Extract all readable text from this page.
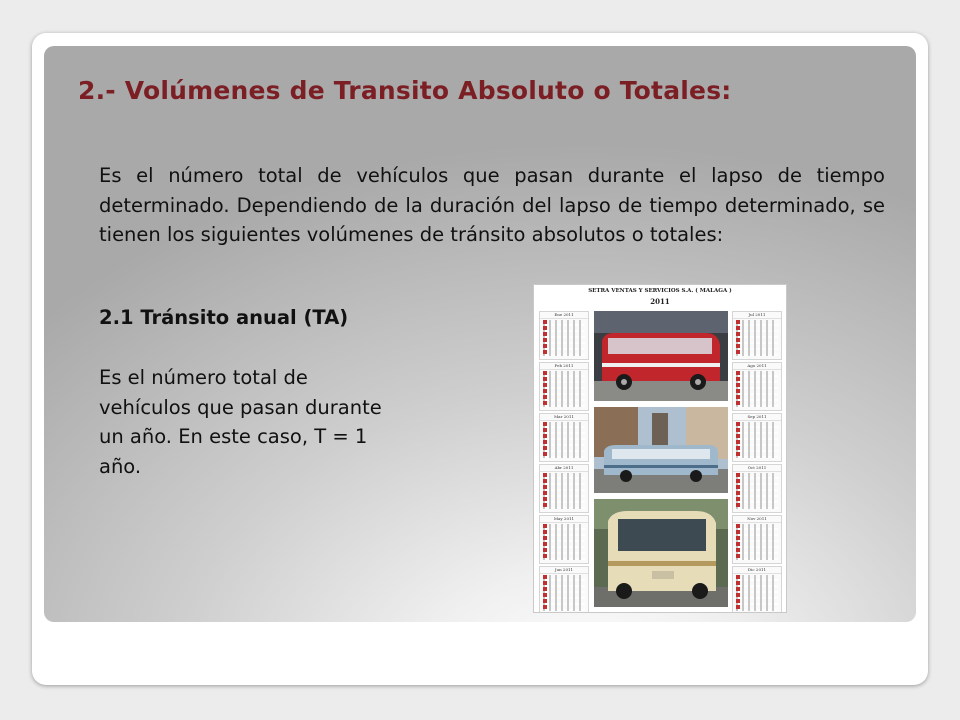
2.- Volúmenes de Transito Absoluto o Totales:

Es el número total de vehículos que pasan durante el lapso de tiempo determinado. Dependiendo de la duración del lapso de tiempo determinado, se tienen los siguientes volúmenes de tránsito absolutos o totales:

2.1 Tránsito anual (TA)

Es el número total de vehículos que pasan durante un año. En este caso, T = 1 año.

SETRA VENTAS Y SERVICIOS S.A. ( MALAGA )
2011
Ene 2011
Feb 2011
Mar 2011
Abr 2011
May 2011
Jun 2011
Jul 2011
Ago 2011
Sep 2011
Oct 2011
Nov 2011
Dic 2011
